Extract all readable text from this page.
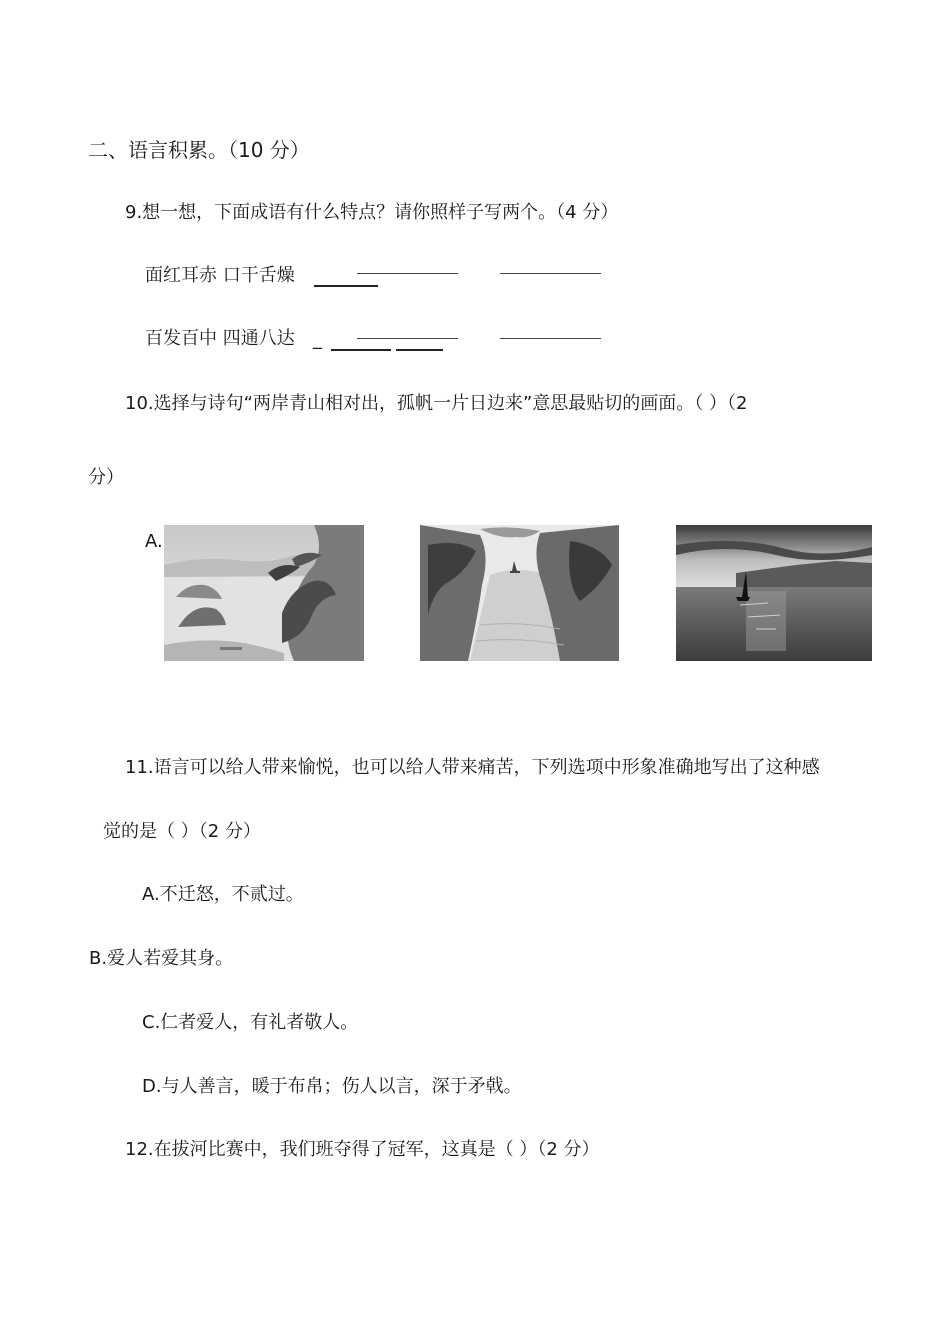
二、语言积累。（10 分）
9.想一想，下面成语有什么特点？请你照样子写两个。（4 分）
面红耳赤 口干舌燥
百发百中 四通八达 _
10.选择与诗句“两岸青山相对出，孤帆一片日边来”意思最贴切的画面。（ ）（2
分）
A.
11.语言可以给人带来愉悦，也可以给人带来痛苦，下列选项中形象准确地写出了这种感
觉的是（ ）（2 分）
A.不迁怒，不贰过。
B.爱人若爱其身。
C.仁者爱人，有礼者敬人。
D.与人善言，暖于布帛；伤人以言，深于矛戟。
12.在拔河比赛中，我们班夺得了冠军，这真是（ ）（2 分）
